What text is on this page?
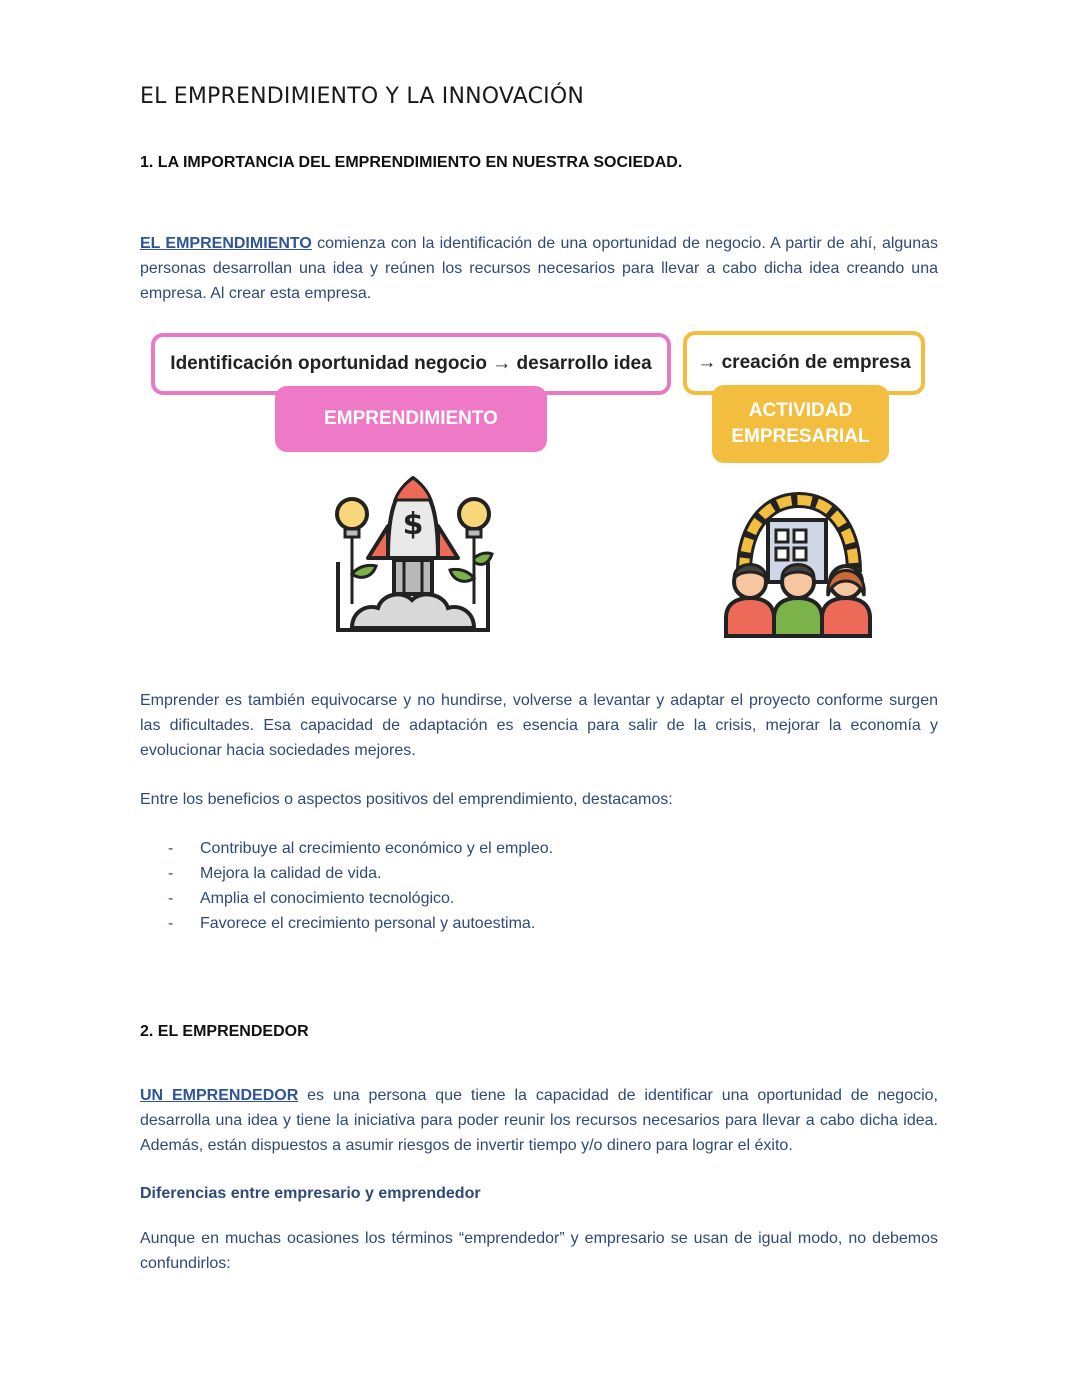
EL EMPRENDIMIENTO Y LA INNOVACIÓN
1. LA IMPORTANCIA DEL EMPRENDIMIENTO EN NUESTRA SOCIEDAD.

EL EMPRENDIMIENTO comienza con la identificación de una oportunidad de negocio. A partir de ahí, algunas personas desarrollan una idea y reúnen los recursos necesarios para llevar a cabo dicha idea creando una empresa. Al crear esta empresa.

Identificación oportunidad negocio → desarrollo idea
EMPRENDIMIENTO
→ creación de empresa
ACTIVIDAD
EMPRESARIAL
$

Emprender es también equivocarse y no hundirse, volverse a levantar y adaptar el proyecto conforme surgen las dificultades. Esa capacidad de adaptación es esencia para salir de la crisis, mejorar la economía y evolucionar hacia sociedades mejores.

Entre los beneficios o aspectos positivos del emprendimiento, destacamos:

-	Contribuye al crecimiento económico y el empleo.
-	Mejora la calidad de vida.
-	Amplia el conocimiento tecnológico.
-	Favorece el crecimiento personal y autoestima.
2. EL EMPRENDEDOR

UN EMPRENDEDOR es una persona que tiene la capacidad de identificar una oportunidad de negocio, desarrolla una idea y tiene la iniciativa para poder reunir los recursos necesarios para llevar a cabo dicha idea. Además, están dispuestos a asumir riesgos de invertir tiempo y/o dinero para lograr el éxito.

Diferencias entre empresario y emprendedor

Aunque en muchas ocasiones los términos “emprendedor” y empresario se usan de igual modo, no debemos confundirlos:
